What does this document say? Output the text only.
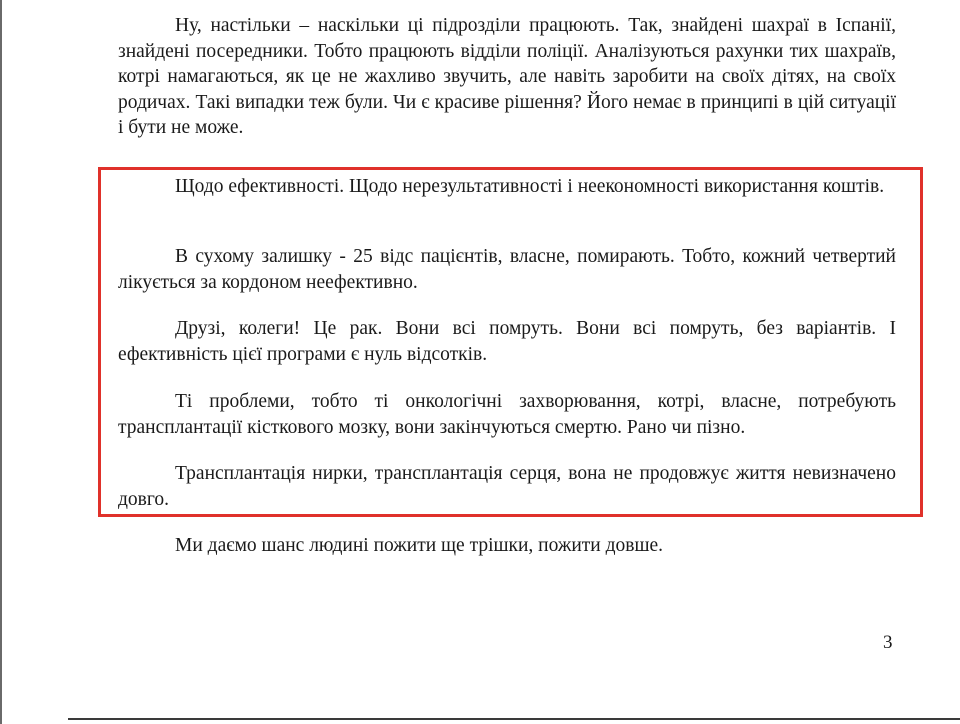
Ну, настільки – наскільки ці підрозділи працюють. Так, знайдені шахраї в Іспанії, знайдені посередники. Тобто працюють відділи поліції. Аналізуються рахунки тих шахраїв, котрі намагаються, як це не жахливо звучить, але навіть заробити на своїх дітях, на своїх родичах. Такі випадки теж були. Чи є красиве рішення? Його немає в принципі в цій ситуації і бути не може.

Щодо ефективності. Щодо нерезультативності і неекономності використання коштів.

В сухому залишку - 25 відс пацієнтів, власне, помирають. Тобто, кожний четвертий лікується за кордоном неефективно.

Друзі, колеги! Це рак. Вони всі помруть. Вони всі помруть, без варіантів. І ефективність цієї програми є нуль відсотків.

Ті проблеми, тобто ті онкологічні захворювання, котрі, власне, потребують трансплантації кісткового мозку, вони закінчуються смертю. Рано чи пізно.

Трансплантація нирки, трансплантація серця, вона не продовжує життя невизначено довго.

Ми даємо шанс людині пожити ще трішки, пожити довше.

3
